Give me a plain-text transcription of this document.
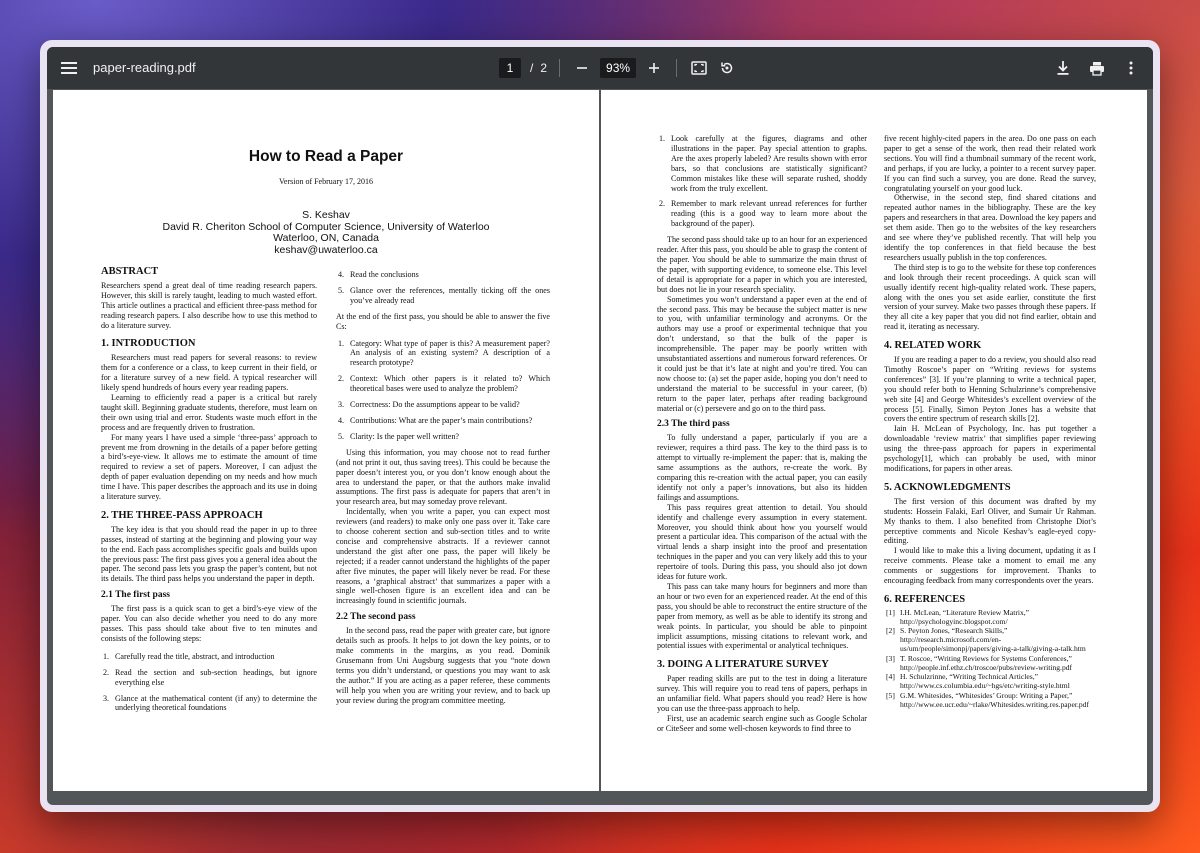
paper-reading.pdf	1	/ 2	93%
How to Read a Paper
Version of February 17, 2016
S. Keshav
David R. Cheriton School of Computer Science, University of Waterloo
Waterloo, ON, Canada
keshav@uwaterloo.ca
ABSTRACT

Researchers spend a great deal of time reading research papers. However, this skill is rarely taught, leading to much wasted effort. This article outlines a practical and efficient three-pass method for reading research papers. I also describe how to use this method to do a literature survey.

1. INTRODUCTION

Researchers must read papers for several reasons: to review them for a conference or a class, to keep current in their field, or for a literature survey of a new field. A typical researcher will likely spend hundreds of hours every year reading papers.

Learning to efficiently read a paper is a critical but rarely taught skill. Beginning graduate students, therefore, must learn on their own using trial and error. Students waste much effort in the process and are frequently driven to frustration.

For many years I have used a simple ‘three-pass’ approach to prevent me from drowning in the details of a paper before getting a bird’s-eye-view. It allows me to estimate the amount of time required to review a set of papers. Moreover, I can adjust the depth of paper evaluation depending on my needs and how much time I have. This paper describes the approach and its use in doing a literature survey.

2. THE THREE-PASS APPROACH

The key idea is that you should read the paper in up to three passes, instead of starting at the beginning and plowing your way to the end. Each pass accomplishes specific goals and builds upon the previous pass: The first pass gives you a general idea about the paper. The second pass lets you grasp the paper’s content, but not its details. The third pass helps you understand the paper in depth.

2.1 The first pass

The first pass is a quick scan to get a bird’s-eye view of the paper. You can also decide whether you need to do any more passes. This pass should take about five to ten minutes and consists of the following steps:

1. Carefully read the title, abstract, and introduction
2. Read the section and sub-section headings, but ignore everything else
3. Glance at the mathematical content (if any) to determine the underlying theoretical foundations
4. Read the conclusions
5. Glance over the references, mentally ticking off the ones you’ve already read

At the end of the first pass, you should be able to answer the five Cs:

1. Category: What type of paper is this? A measurement paper? An analysis of an existing system? A description of a research prototype?
2. Context: Which other papers is it related to? Which theoretical bases were used to analyze the problem?
3. Correctness: Do the assumptions appear to be valid?
4. Contributions: What are the paper’s main contributions?
5. Clarity: Is the paper well written?

Using this information, you may choose not to read further (and not print it out, thus saving trees). This could be because the paper doesn’t interest you, or you don’t know enough about the area to understand the paper, or that the authors make invalid assumptions. The first pass is adequate for papers that aren’t in your research area, but may someday prove relevant.

Incidentally, when you write a paper, you can expect most reviewers (and readers) to make only one pass over it. Take care to choose coherent section and sub-section titles and to write concise and comprehensive abstracts. If a reviewer cannot understand the gist after one pass, the paper will likely be rejected; if a reader cannot understand the highlights of the paper after five minutes, the paper will likely never be read. For these reasons, a ‘graphical abstract’ that summarizes a paper with a single well-chosen figure is an excellent idea and can be increasingly found in scientific journals.

2.2 The second pass

In the second pass, read the paper with greater care, but ignore details such as proofs. It helps to jot down the key points, or to make comments in the margins, as you read. Dominik Grusemann from Uni Augsburg suggests that you “note down terms you didn’t understand, or questions you may want to ask the author.” If you are acting as a paper referee, these comments will help you when you are writing your review, and to back up your review during the program committee meeting.

1. Look carefully at the figures, diagrams and other illustrations in the paper. Pay special attention to graphs. Are the axes properly labeled? Are results shown with error bars, so that conclusions are statistically significant? Common mistakes like these will separate rushed, shoddy work from the truly excellent.
2. Remember to mark relevant unread references for further reading (this is a good way to learn more about the background of the paper).

The second pass should take up to an hour for an experienced reader. After this pass, you should be able to grasp the content of the paper. You should be able to summarize the main thrust of the paper, with supporting evidence, to someone else. This level of detail is appropriate for a paper in which you are interested, but does not lie in your research speciality.

Sometimes you won’t understand a paper even at the end of the second pass. This may be because the subject matter is new to you, with unfamiliar terminology and acronyms. Or the authors may use a proof or experimental technique that you don’t understand, so that the bulk of the paper is incomprehensible. The paper may be poorly written with unsubstantiated assertions and numerous forward references. Or it could just be that it’s late at night and you’re tired. You can now choose to: (a) set the paper aside, hoping you don’t need to understand the material to be successful in your career, (b) return to the paper later, perhaps after reading background material or (c) persevere and go on to the third pass.

2.3 The third pass

To fully understand a paper, particularly if you are a reviewer, requires a third pass. The key to the third pass is to attempt to virtually re-implement the paper: that is, making the same assumptions as the authors, re-create the work. By comparing this re-creation with the actual paper, you can easily identify not only a paper’s innovations, but also its hidden failings and assumptions.

This pass requires great attention to detail. You should identify and challenge every assumption in every statement. Moreover, you should think about how you yourself would present a particular idea. This comparison of the actual with the virtual lends a sharp insight into the proof and presentation techniques in the paper and you can very likely add this to your repertoire of tools. During this pass, you should also jot down ideas for future work.

This pass can take many hours for beginners and more than an hour or two even for an experienced reader. At the end of this pass, you should be able to reconstruct the entire structure of the paper from memory, as well as be able to identify its strong and weak points. In particular, you should be able to pinpoint implicit assumptions, missing citations to relevant work, and potential issues with experimental or analytical techniques.

3. DOING A LITERATURE SURVEY

Paper reading skills are put to the test in doing a literature survey. This will require you to read tens of papers, perhaps in an unfamiliar field. What papers should you read? Here is how you can use the three-pass approach to help.

First, use an academic search engine such as Google Scholar or CiteSeer and some well-chosen keywords to find three to

five recent highly-cited papers in the area. Do one pass on each paper to get a sense of the work, then read their related work sections. You will find a thumbnail summary of the recent work, and perhaps, if you are lucky, a pointer to a recent survey paper. If you can find such a survey, you are done. Read the survey, congratulating yourself on your good luck.

Otherwise, in the second step, find shared citations and repeated author names in the bibliography. These are the key papers and researchers in that area. Download the key papers and set them aside. Then go to the websites of the key researchers and see where they’ve published recently. That will help you identify the top conferences in that field because the best researchers usually publish in the top conferences.

The third step is to go to the website for these top conferences and look through their recent proceedings. A quick scan will usually identify recent high-quality related work. These papers, along with the ones you set aside earlier, constitute the first version of your survey. Make two passes through these papers. If they all cite a key paper that you did not find earlier, obtain and read it, iterating as necessary.

4. RELATED WORK

If you are reading a paper to do a review, you should also read Timothy Roscoe’s paper on “Writing reviews for systems conferences” [3]. If you’re planning to write a technical paper, you should refer both to Henning Schulzrinne’s comprehensive web site [4] and George Whitesides’s excellent overview of the process [5]. Finally, Simon Peyton Jones has a website that covers the entire spectrum of research skills [2].

Iain H. McLean of Psychology, Inc. has put together a downloadable ‘review matrix’ that simplifies paper reviewing using the three-pass approach for papers in experimental psychology[1], which can probably be used, with minor modifications, for papers in other areas.

5. ACKNOWLEDGMENTS

The first version of this document was drafted by my students: Hossein Falaki, Earl Oliver, and Sumair Ur Rahman. My thanks to them. I also benefited from Christophe Diot’s perceptive comments and Nicole Keshav’s eagle-eyed copy-editing.

I would like to make this a living document, updating it as I receive comments. Please take a moment to email me any comments or suggestions for improvement. Thanks to encouraging feedback from many correspondents over the years.

6. REFERENCES
[1] I.H. McLean, “Literature Review Matrix,” http://psychologyinc.blogspot.com/
[2] S. Peyton Jones, “Research Skills,” http://research.microsoft.com/en-us/um/people/simonpj/papers/giving-a-talk/giving-a-talk.htm
[3] T. Roscoe, “Writing Reviews for Systems Conferences,” http://people.inf.ethz.ch/troscoe/pubs/review-writing.pdf
[4] H. Schulzrinne, “Writing Technical Articles,” http://www.cs.columbia.edu/~hgs/etc/writing-style.html
[5] G.M. Whitesides, “Whitesides’ Group: Writing a Paper,” http://www.ee.ucr.edu/~rlake/Whitesides.writing.res.paper.pdf
